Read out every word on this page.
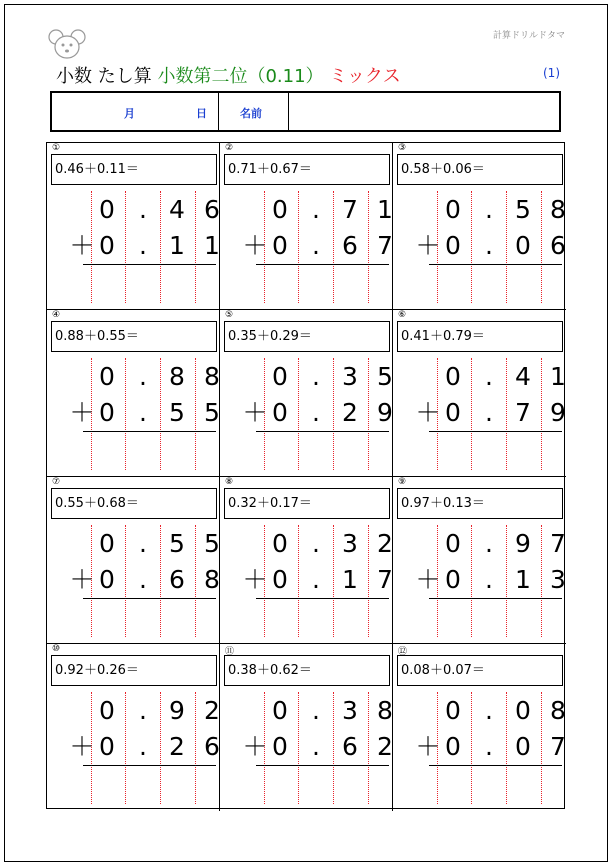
計算ドリルドタマ
小数 たし算 小数第二位（0.11） ミックス	(1)
月	日	名前
①
0.46＋0.11＝
0 . 4 6
＋ 0 . 1 1
②
0.71＋0.67＝
0 . 7 1
＋ 0 . 6 7
③
0.58＋0.06＝
0 . 5 8
＋ 0 . 0 6
④
0.88＋0.55＝
0 . 8 8
＋ 0 . 5 5
⑤
0.35＋0.29＝
0 . 3 5
＋ 0 . 2 9
⑥
0.41＋0.79＝
0 . 4 1
＋ 0 . 7 9
⑦
0.55＋0.68＝
0 . 5 5
＋ 0 . 6 8
⑧
0.32＋0.17＝
0 . 3 2
＋ 0 . 1 7
⑨
0.97＋0.13＝
0 . 9 7
＋ 0 . 1 3
⑩
0.92＋0.26＝
0 . 9 2
＋ 0 . 2 6
⑪
0.38＋0.62＝
0 . 3 8
＋ 0 . 6 2
⑫
0.08＋0.07＝
0 . 0 8
＋ 0 . 0 7
